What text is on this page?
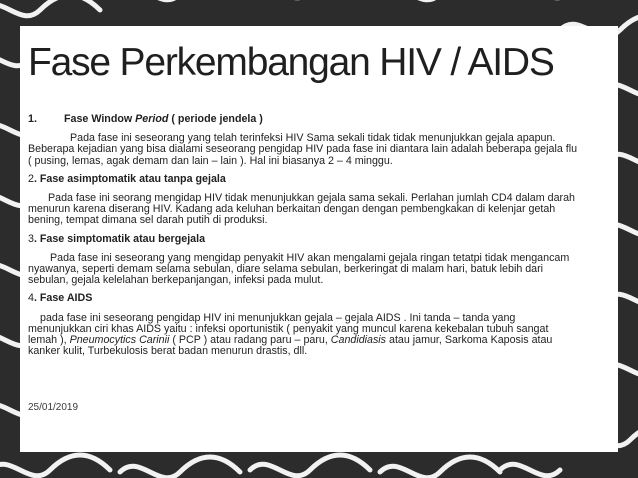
Fase Perkembangan HIV / AIDS
1.	Fase Window Period ( periode jendela )

Pada fase ini seseorang yang telah terinfeksi HIV Sama sekali tidak tidak menunjukkan gejala apapun. Beberapa kejadian yang bisa dialami seseorang pengidap HIV pada fase ini diantara lain adalah beberapa gejala flu ( pusing, lemas, agak demam dan lain – lain ). Hal ini biasanya 2 – 4 minggu.

2. Fase asimptomatik atau tanpa gejala

Pada fase ini seorang mengidap HIV tidak menunjukkan gejala sama sekali. Perlahan jumlah CD4 dalam darah menurun karena diserang HIV. Kadang ada keluhan berkaitan dengan dengan pembengkakan di kelenjar getah bening, tempat dimana sel darah putih di produksi.

3. Fase simptomatik atau bergejala

Pada fase ini seseorang yang mengidap penyakit HIV akan mengalami gejala ringan tetatpi tidak mengancam nyawanya, seperti demam selama sebulan, diare selama sebulan, berkeringat di malam hari, batuk lebih dari sebulan, gejala kelelahan berkepanjangan, infeksi pada mulut.

4. Fase AIDS

pada fase ini seseorang pengidap HIV ini menunjukkan gejala – gejala AIDS . Ini tanda – tanda yang menunjukkan ciri khas AIDS yaitu : infeksi oportunistik ( penyakit yang muncul karena kekebalan tubuh sangat lemah ), Pneumocytics Carinii ( PCP ) atau radang paru – paru, Candidiasis atau jamur, Sarkoma Kaposis atau kanker kulit, Turbekulosis berat badan menurun drastis, dll.

25/01/2019
